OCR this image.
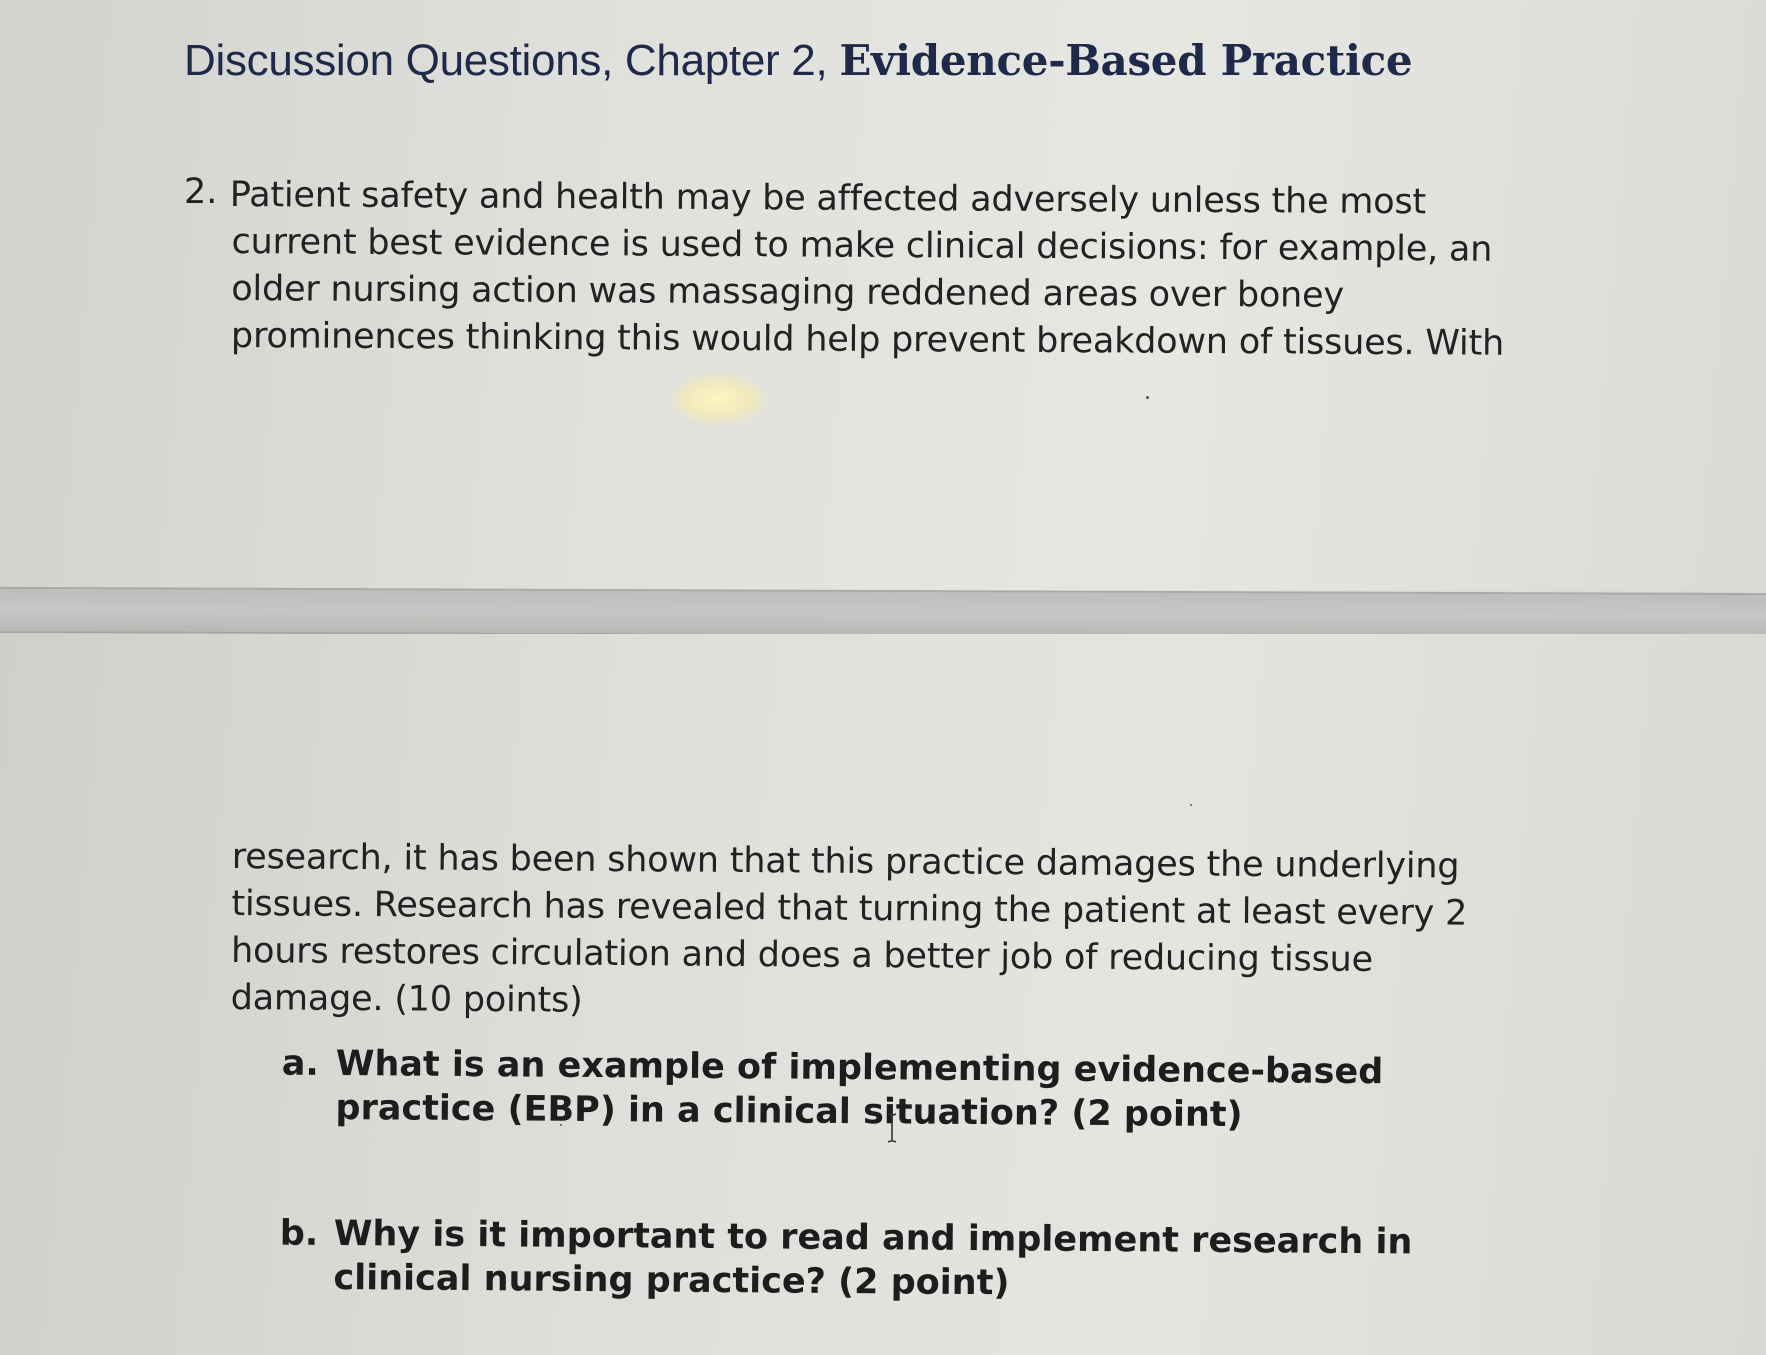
Discussion Questions, Chapter 2, Evidence-Based Practice
2. Patient safety and health may be affected adversely unless the most
current best evidence is used to make clinical decisions: for example, an
older nursing action was massaging reddened areas over boney
prominences thinking this would help prevent breakdown of tissues. With
research, it has been shown that this practice damages the underlying
tissues. Research has revealed that turning the patient at least every 2
hours restores circulation and does a better job of reducing tissue
damage. (10 points)
a. What is an example of implementing evidence-based
practice (EBP) in a clinical situation? (2 point)
b. Why is it important to read and implement research in
clinical nursing practice? (2 point)
